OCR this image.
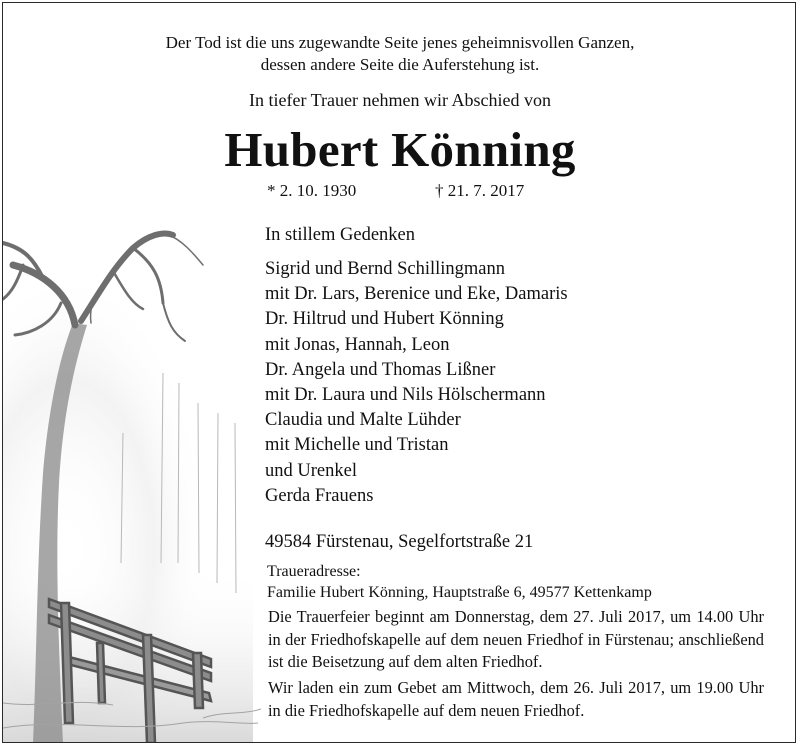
Der Tod ist die uns zugewandte Seite jenes geheimnisvollen Ganzen,
dessen andere Seite die Auferstehung ist.
In tiefer Trauer nehmen wir Abschied von
Hubert Könning
* 2. 10. 1930	† 21. 7. 2017
In stillem Gedenken
Sigrid und Bernd Schillingmann
mit Dr. Lars, Berenice und Eke, Damaris
Dr. Hiltrud und Hubert Könning
mit Jonas, Hannah, Leon
Dr. Angela und Thomas Lißner
mit Dr. Laura und Nils Hölschermann
Claudia und Malte Lühder
mit Michelle und Tristan
und Urenkel
Gerda Frauens
49584 Fürstenau, Segelfortstraße 21
Traueradresse:
Familie Hubert Könning, Hauptstraße 6, 49577 Kettenkamp
Die Trauerfeier beginnt am Donnerstag, dem 27. Juli 2017, um 14.00 Uhr in der Friedhofskapelle auf dem neuen Friedhof in Fürstenau; anschließend ist die Beisetzung auf dem alten Friedhof.
Wir laden ein zum Gebet am Mittwoch, dem 26. Juli 2017, um 19.00 Uhr in die Friedhofskapelle auf dem neuen Friedhof.
